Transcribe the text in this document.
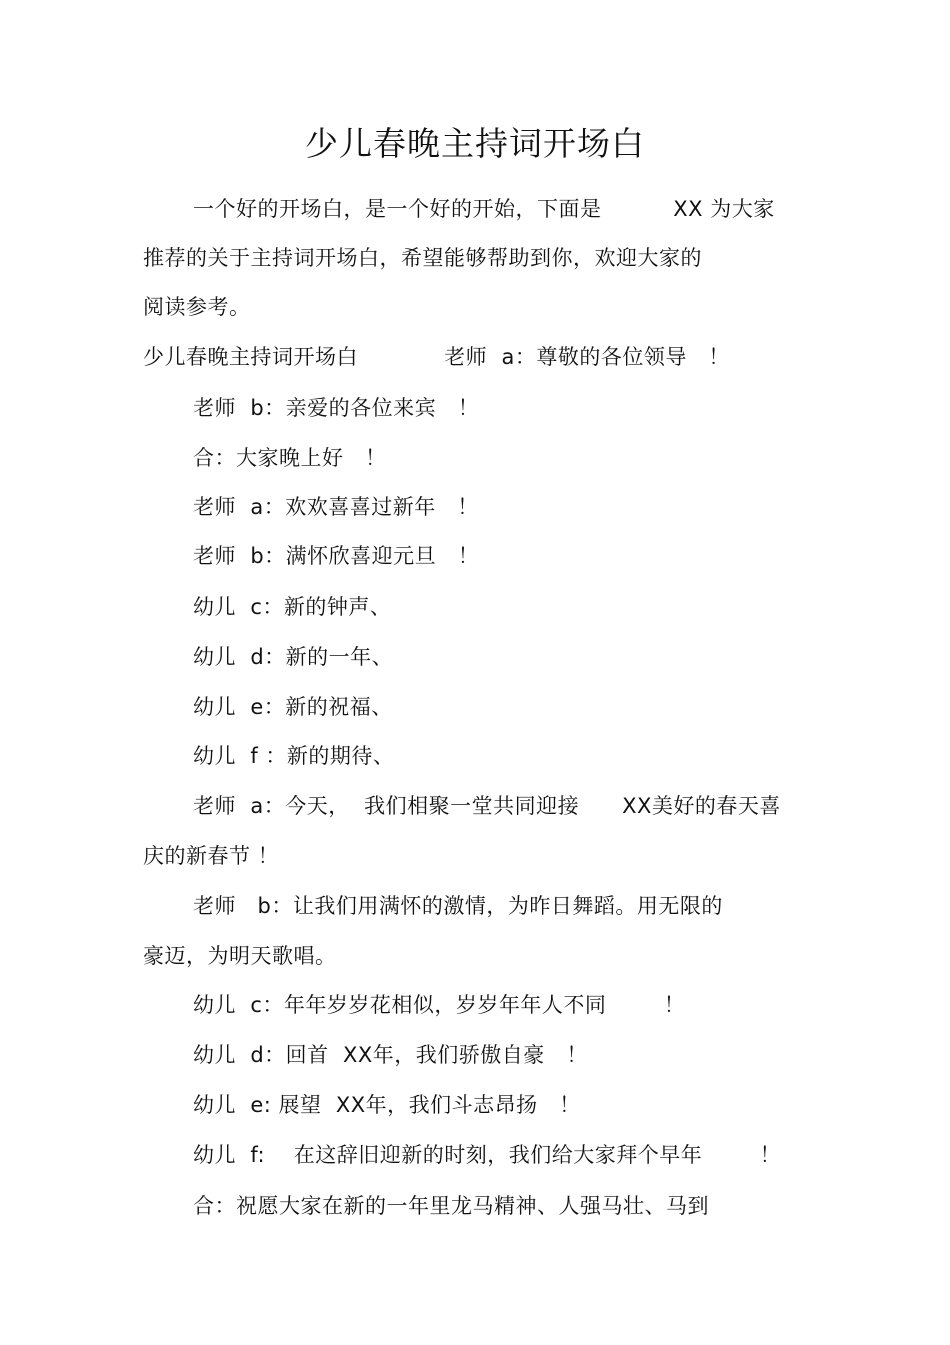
少儿春晚主持词开场白
一个好的开场白，是一个好的开始，下面是          XX 为大家
推荐的关于主持词开场白，希望能够帮助到你，欢迎大家的
阅读参考。
少儿春晚主持词开场白            老师  a：尊敬的各位领导   ！
老师  b：亲爱的各位来宾   ！
合：大家晚上好   ！
老师  a：欢欢喜喜过新年   ！
老师  b：满怀欣喜迎元旦   ！
幼儿  c：新的钟声、
幼儿  d：新的一年、
幼儿  e：新的祝福、
幼儿  f ：新的期待、
老师  a：今天，  我们相聚一堂共同迎接      XX美好的春天喜
庆的新春节 ！
老师   b：让我们用满怀的激情，为昨日舞蹈。用无限的
豪迈，为明天歌唱。
幼儿  c：年年岁岁花相似，岁岁年年人不同        ！
幼儿  d：回首  XX年，我们骄傲自豪   ！
幼儿  e: 展望  XX年，我们斗志昂扬   ！
幼儿  f:    在这辞旧迎新的时刻，我们给大家拜个早年        ！
合：祝愿大家在新的一年里龙马精神、人强马壮、马到
